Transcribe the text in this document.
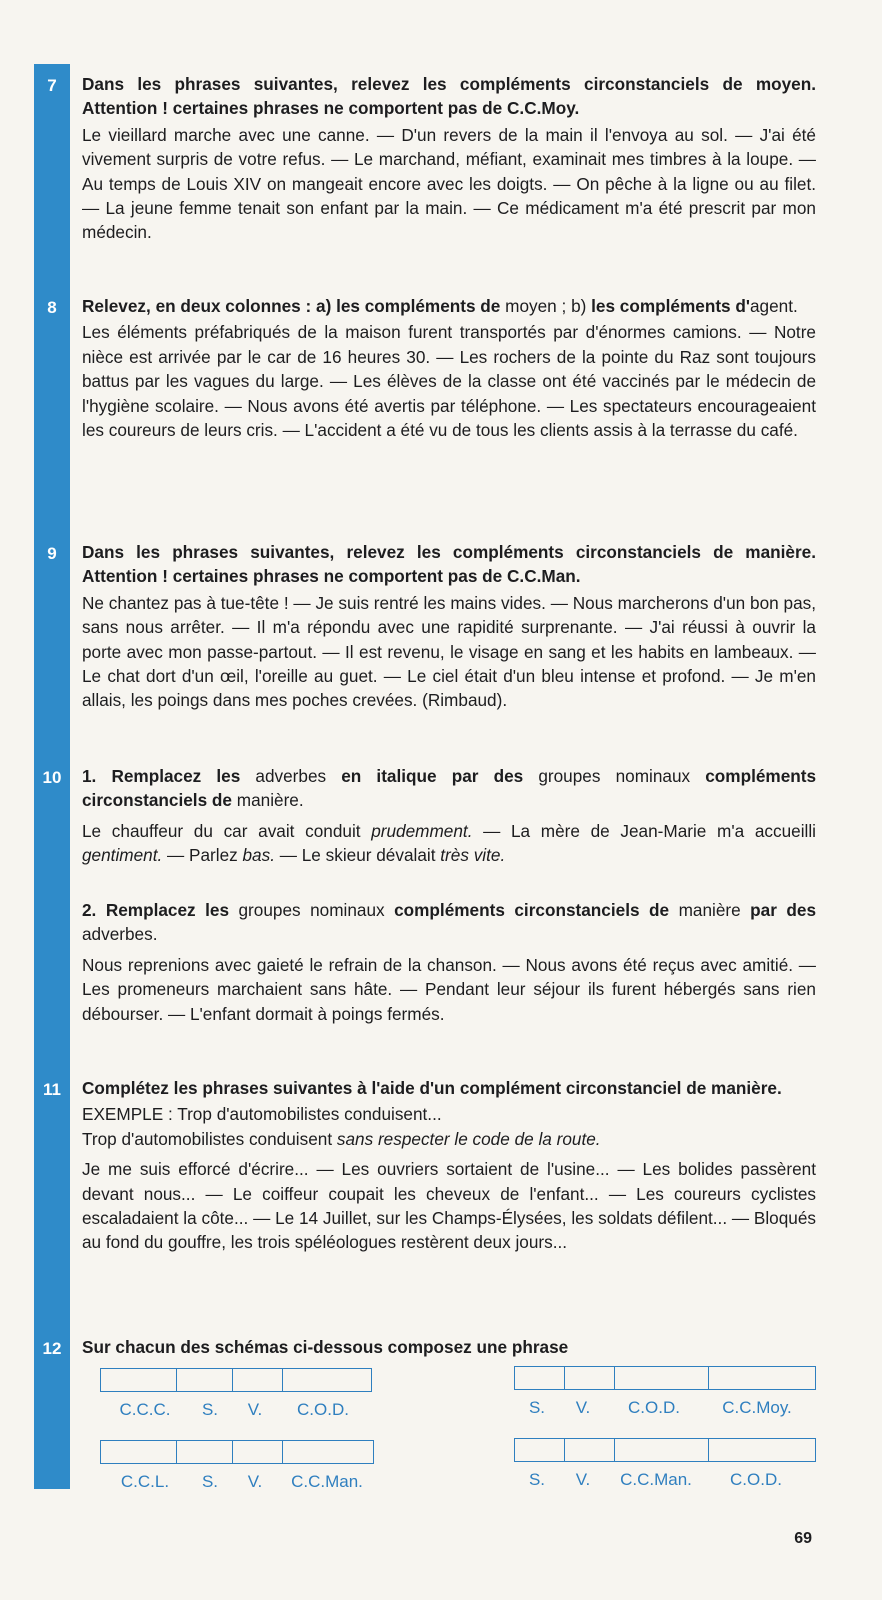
7	Dans les phrases suivantes, relevez les compléments circonstanciels de moyen. Attention ! certaines phrases ne comportent pas de C.C.Moy.

Le vieillard marche avec une canne. — D'un revers de la main il l'envoya au sol. — J'ai été vivement surpris de votre refus. — Le marchand, méfiant, examinait mes timbres à la loupe. — Au temps de Louis XIV on mangeait encore avec les doigts. — On pêche à la ligne ou au filet. — La jeune femme tenait son enfant par la main. — Ce médicament m'a été prescrit par mon médecin.

8	Relevez, en deux colonnes : a) les compléments de moyen ; b) les compléments d'agent.

Les éléments préfabriqués de la maison furent transportés par d'énormes camions. — Notre nièce est arrivée par le car de 16 heures 30. — Les rochers de la pointe du Raz sont toujours battus par les vagues du large. — Les élèves de la classe ont été vaccinés par le médecin de l'hygiène scolaire. — Nous avons été avertis par téléphone. — Les spectateurs encourageaient les coureurs de leurs cris. — L'accident a été vu de tous les clients assis à la terrasse du café.

9	Dans les phrases suivantes, relevez les compléments circonstanciels de manière. Attention ! certaines phrases ne comportent pas de C.C.Man.

Ne chantez pas à tue-tête ! — Je suis rentré les mains vides. — Nous marcherons d'un bon pas, sans nous arrêter. — Il m'a répondu avec une rapidité surprenante. — J'ai réussi à ouvrir la porte avec mon passe-partout. — Il est revenu, le visage en sang et les habits en lambeaux. — Le chat dort d'un œil, l'oreille au guet. — Le ciel était d'un bleu intense et profond. — Je m'en allais, les poings dans mes poches crevées. (Rimbaud).

10	1. Remplacez les adverbes en italique par des groupes nominaux compléments circonstanciels de manière.

Le chauffeur du car avait conduit prudemment. — La mère de Jean-Marie m'a accueilli gentiment. — Parlez bas. — Le skieur dévalait très vite.

2. Remplacez les groupes nominaux compléments circonstanciels de manière par des adverbes.

Nous reprenions avec gaieté le refrain de la chanson. — Nous avons été reçus avec amitié. — Les promeneurs marchaient sans hâte. — Pendant leur séjour ils furent hébergés sans rien débourser. — L'enfant dormait à poings fermés.

11	Complétez les phrases suivantes à l'aide d'un complément circonstanciel de manière.

EXEMPLE : Trop d'automobilistes conduisent...

Trop d'automobilistes conduisent sans respecter le code de la route.

Je me suis efforcé d'écrire... — Les ouvriers sortaient de l'usine... — Les bolides passèrent devant nous... — Le coiffeur coupait les cheveux de l'enfant... — Les coureurs cyclistes escaladaient la côte... — Le 14 Juillet, sur les Champs-Élysées, les soldats défilent... — Bloqués au fond du gouffre, les trois spéléologues restèrent deux jours...

12	Sur chacun des schémas ci-dessous composez une phrase

C.C.C.	S.	V.	C.O.D.	S.	V.	C.O.D.	C.C.Moy.
C.C.L.	S.	V.	C.C.Man.	S.	V.	C.C.Man.	C.O.D.
69
